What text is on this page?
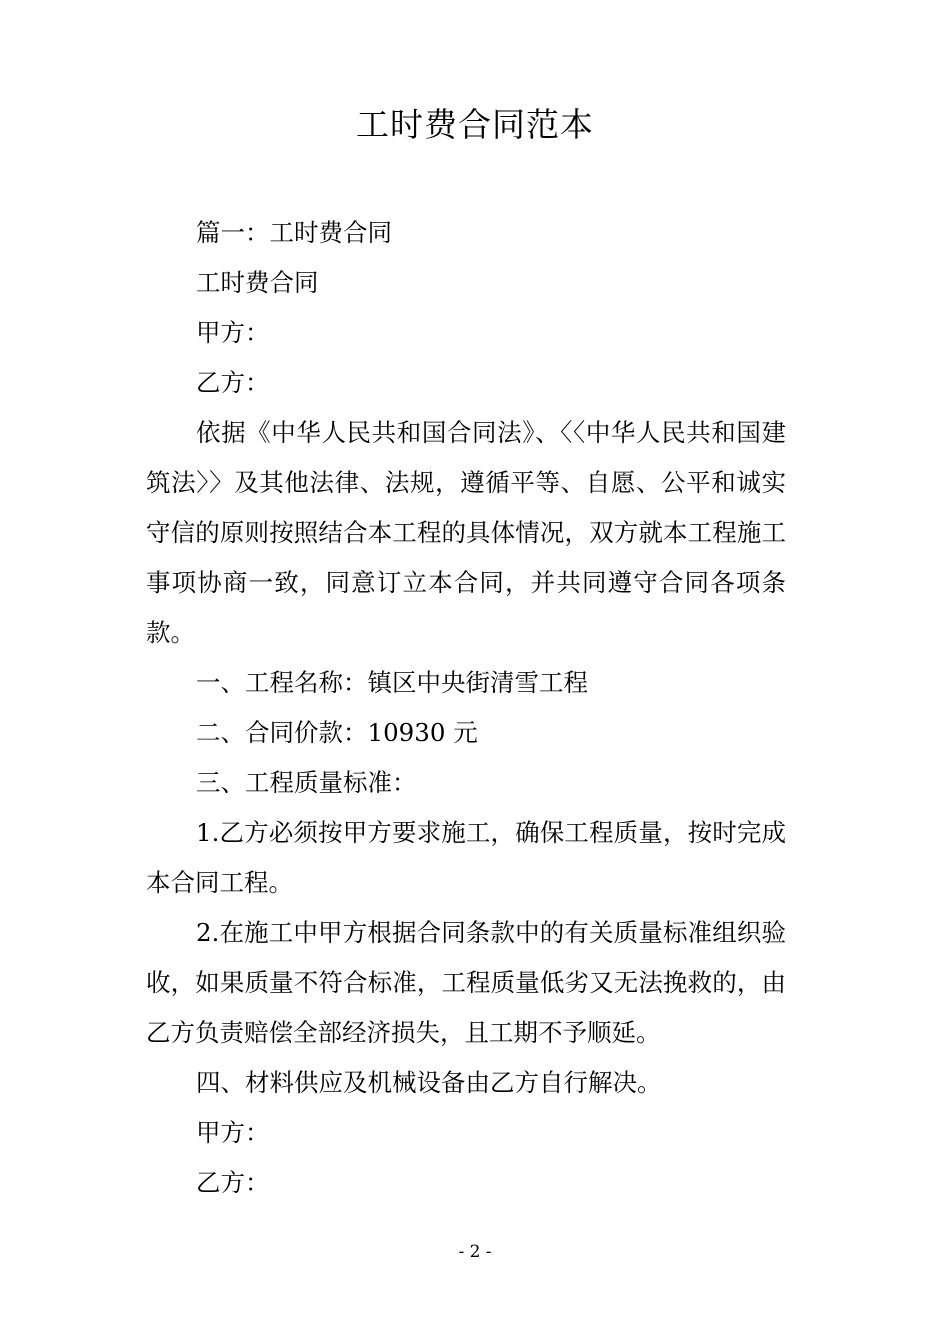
工时费合同范本

篇一：工时费合同

工时费合同

甲方：

乙方：

依据《中华人民共和国合同法》、〈〈中华人民共和国建筑法〉〉及其他法律、法规，遵循平等、自愿、公平和诚实守信的原则按照结合本工程的具体情况，双方就本工程施工事项协商一致，同意订立本合同，并共同遵守合同各项条款。

一、工程名称：镇区中央街清雪工程

二、合同价款：10930 元

三、工程质量标准：

1.乙方必须按甲方要求施工，确保工程质量，按时完成本合同工程。

2.在施工中甲方根据合同条款中的有关质量标准组织验收，如果质量不符合标准，工程质量低劣又无法挽救的，由乙方负责赔偿全部经济损失，且工期不予顺延。

四、材料供应及机械设备由乙方自行解决。

甲方：

乙方：

- 2 -
